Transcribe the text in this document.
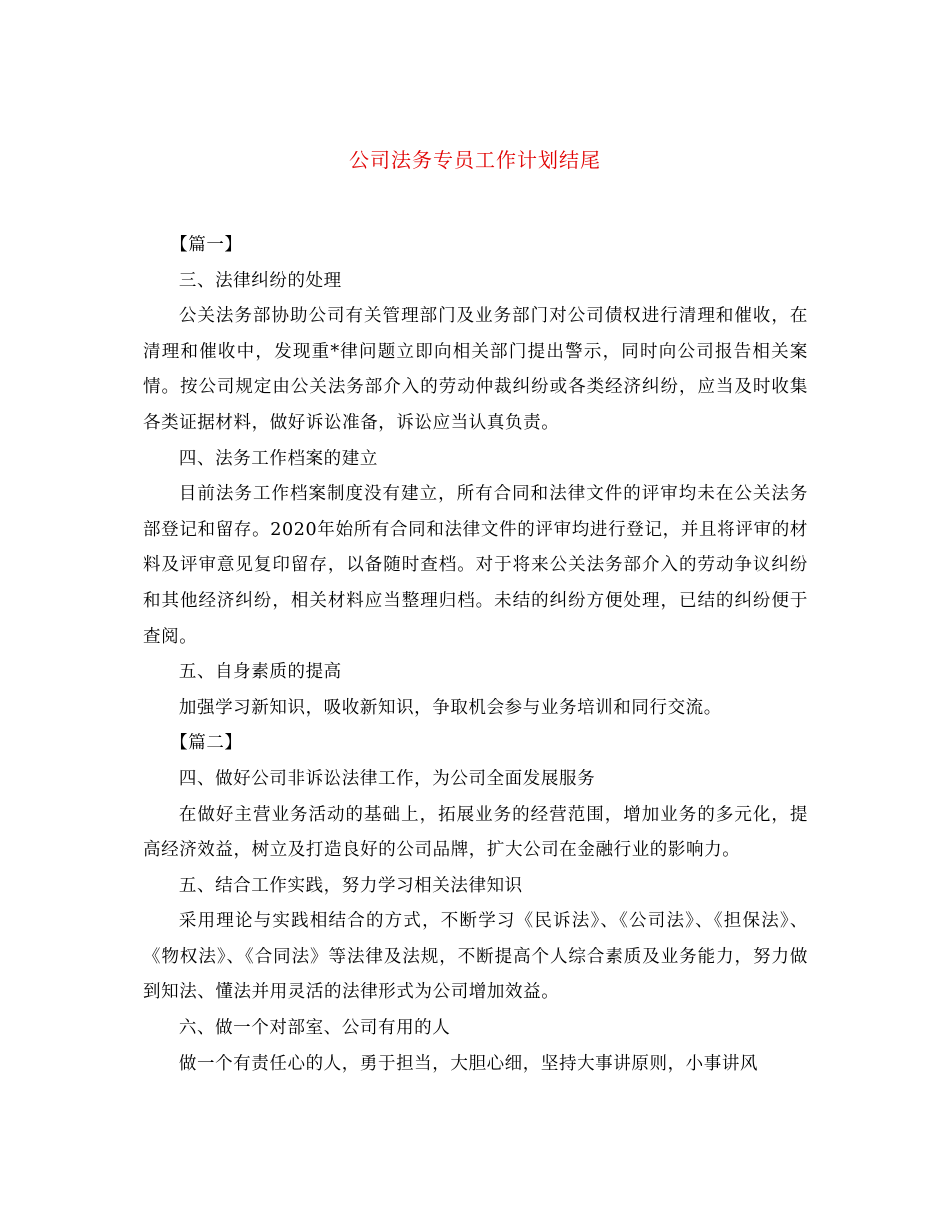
公司法务专员工作计划结尾

【篇一】

三、法律纠纷的处理

公关法务部协助公司有关管理部门及业务部门对公司债权进行清理和催收，在清理和催收中，发现重*律问题立即向相关部门提出警示，同时向公司报告相关案情。按公司规定由公关法务部介入的劳动仲裁纠纷或各类经济纠纷，应当及时收集各类证据材料，做好诉讼准备，诉讼应当认真负责。

四、法务工作档案的建立

目前法务工作档案制度没有建立，所有合同和法律文件的评审均未在公关法务部登记和留存。2020年始所有合同和法律文件的评审均进行登记，并且将评审的材料及评审意见复印留存，以备随时查档。对于将来公关法务部介入的劳动争议纠纷和其他经济纠纷，相关材料应当整理归档。未结的纠纷方便处理，已结的纠纷便于查阅。

五、自身素质的提高

加强学习新知识，吸收新知识，争取机会参与业务培训和同行交流。

【篇二】

四、做好公司非诉讼法律工作，为公司全面发展服务

在做好主营业务活动的基础上，拓展业务的经营范围，增加业务的多元化，提高经济效益，树立及打造良好的公司品牌，扩大公司在金融行业的影响力。

五、结合工作实践，努力学习相关法律知识

采用理论与实践相结合的方式，不断学习《民诉法》、《公司法》、《担保法》、《物权法》、《合同法》等法律及法规，不断提高个人综合素质及业务能力，努力做到知法、懂法并用灵活的法律形式为公司增加效益。

六、做一个对部室、公司有用的人

做一个有责任心的人，勇于担当，大胆心细，坚持大事讲原则，小事讲风
